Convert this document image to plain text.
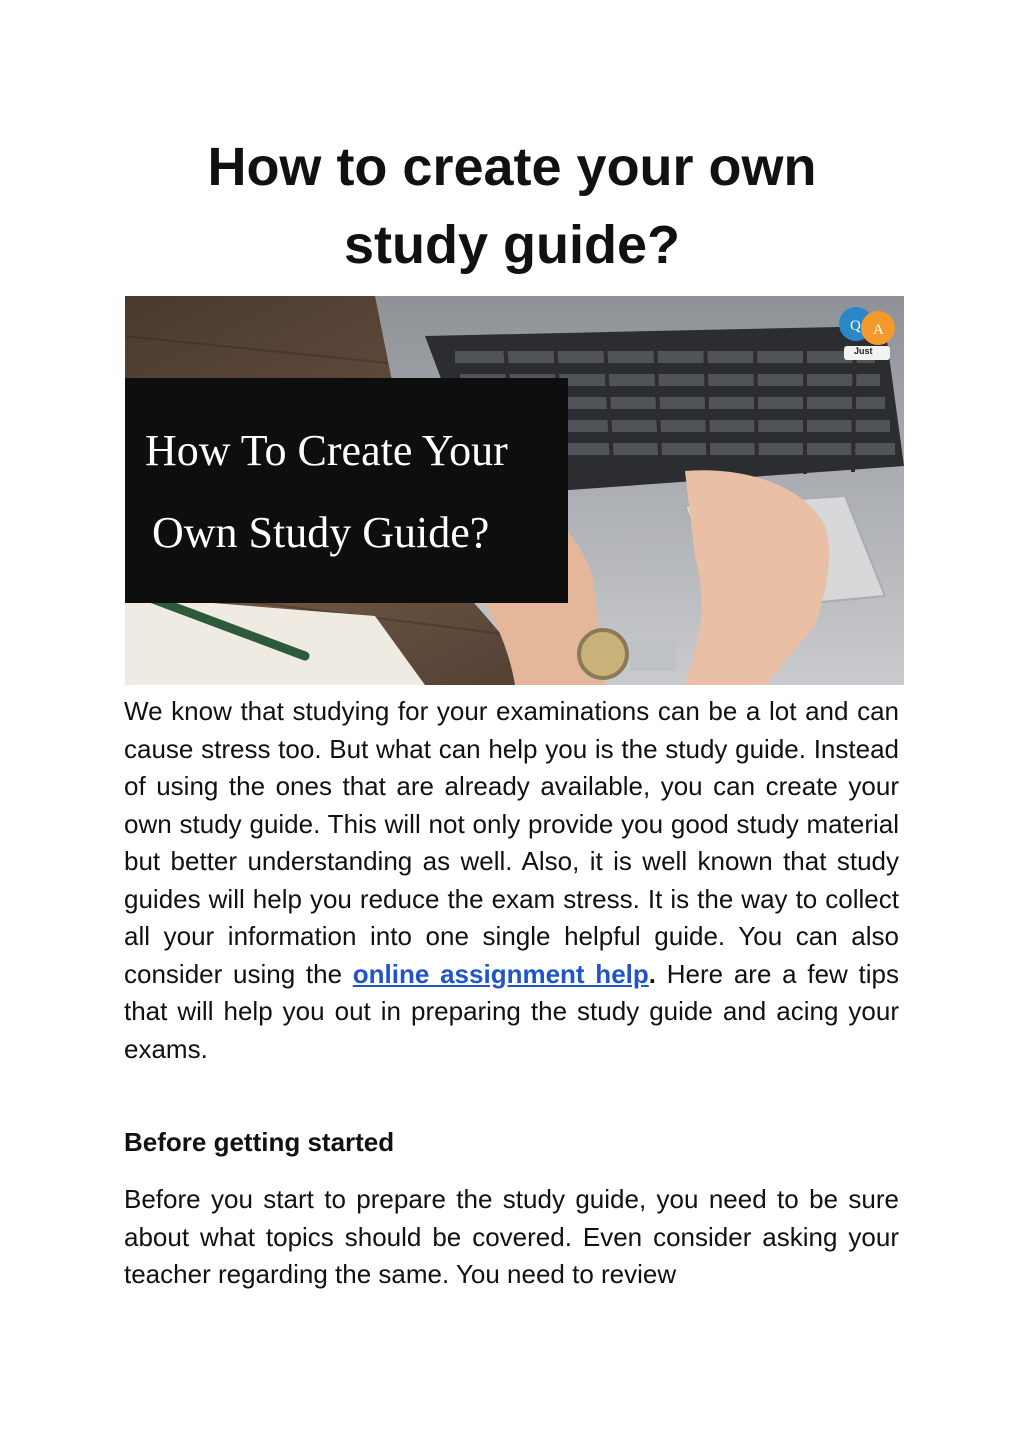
How to create your own
study guide?
How To Create Your
Own Study Guide?
Q A
Just

We know that studying for your examinations can be a lot and can cause stress too. But what can help you is the study guide. Instead of using the ones that are already available, you can create your own study guide. This will not only provide you good study material but better understanding as well. Also, it is well known that study guides will help you reduce the exam stress. It is the way to collect all your information into one single helpful guide. You can also consider using the online assignment help. Here are a few tips that will help you out in preparing the study guide and acing your exams.

Before getting started

Before you start to prepare the study guide, you need to be sure about what topics should be covered. Even consider asking your teacher regarding the same. You need to review
